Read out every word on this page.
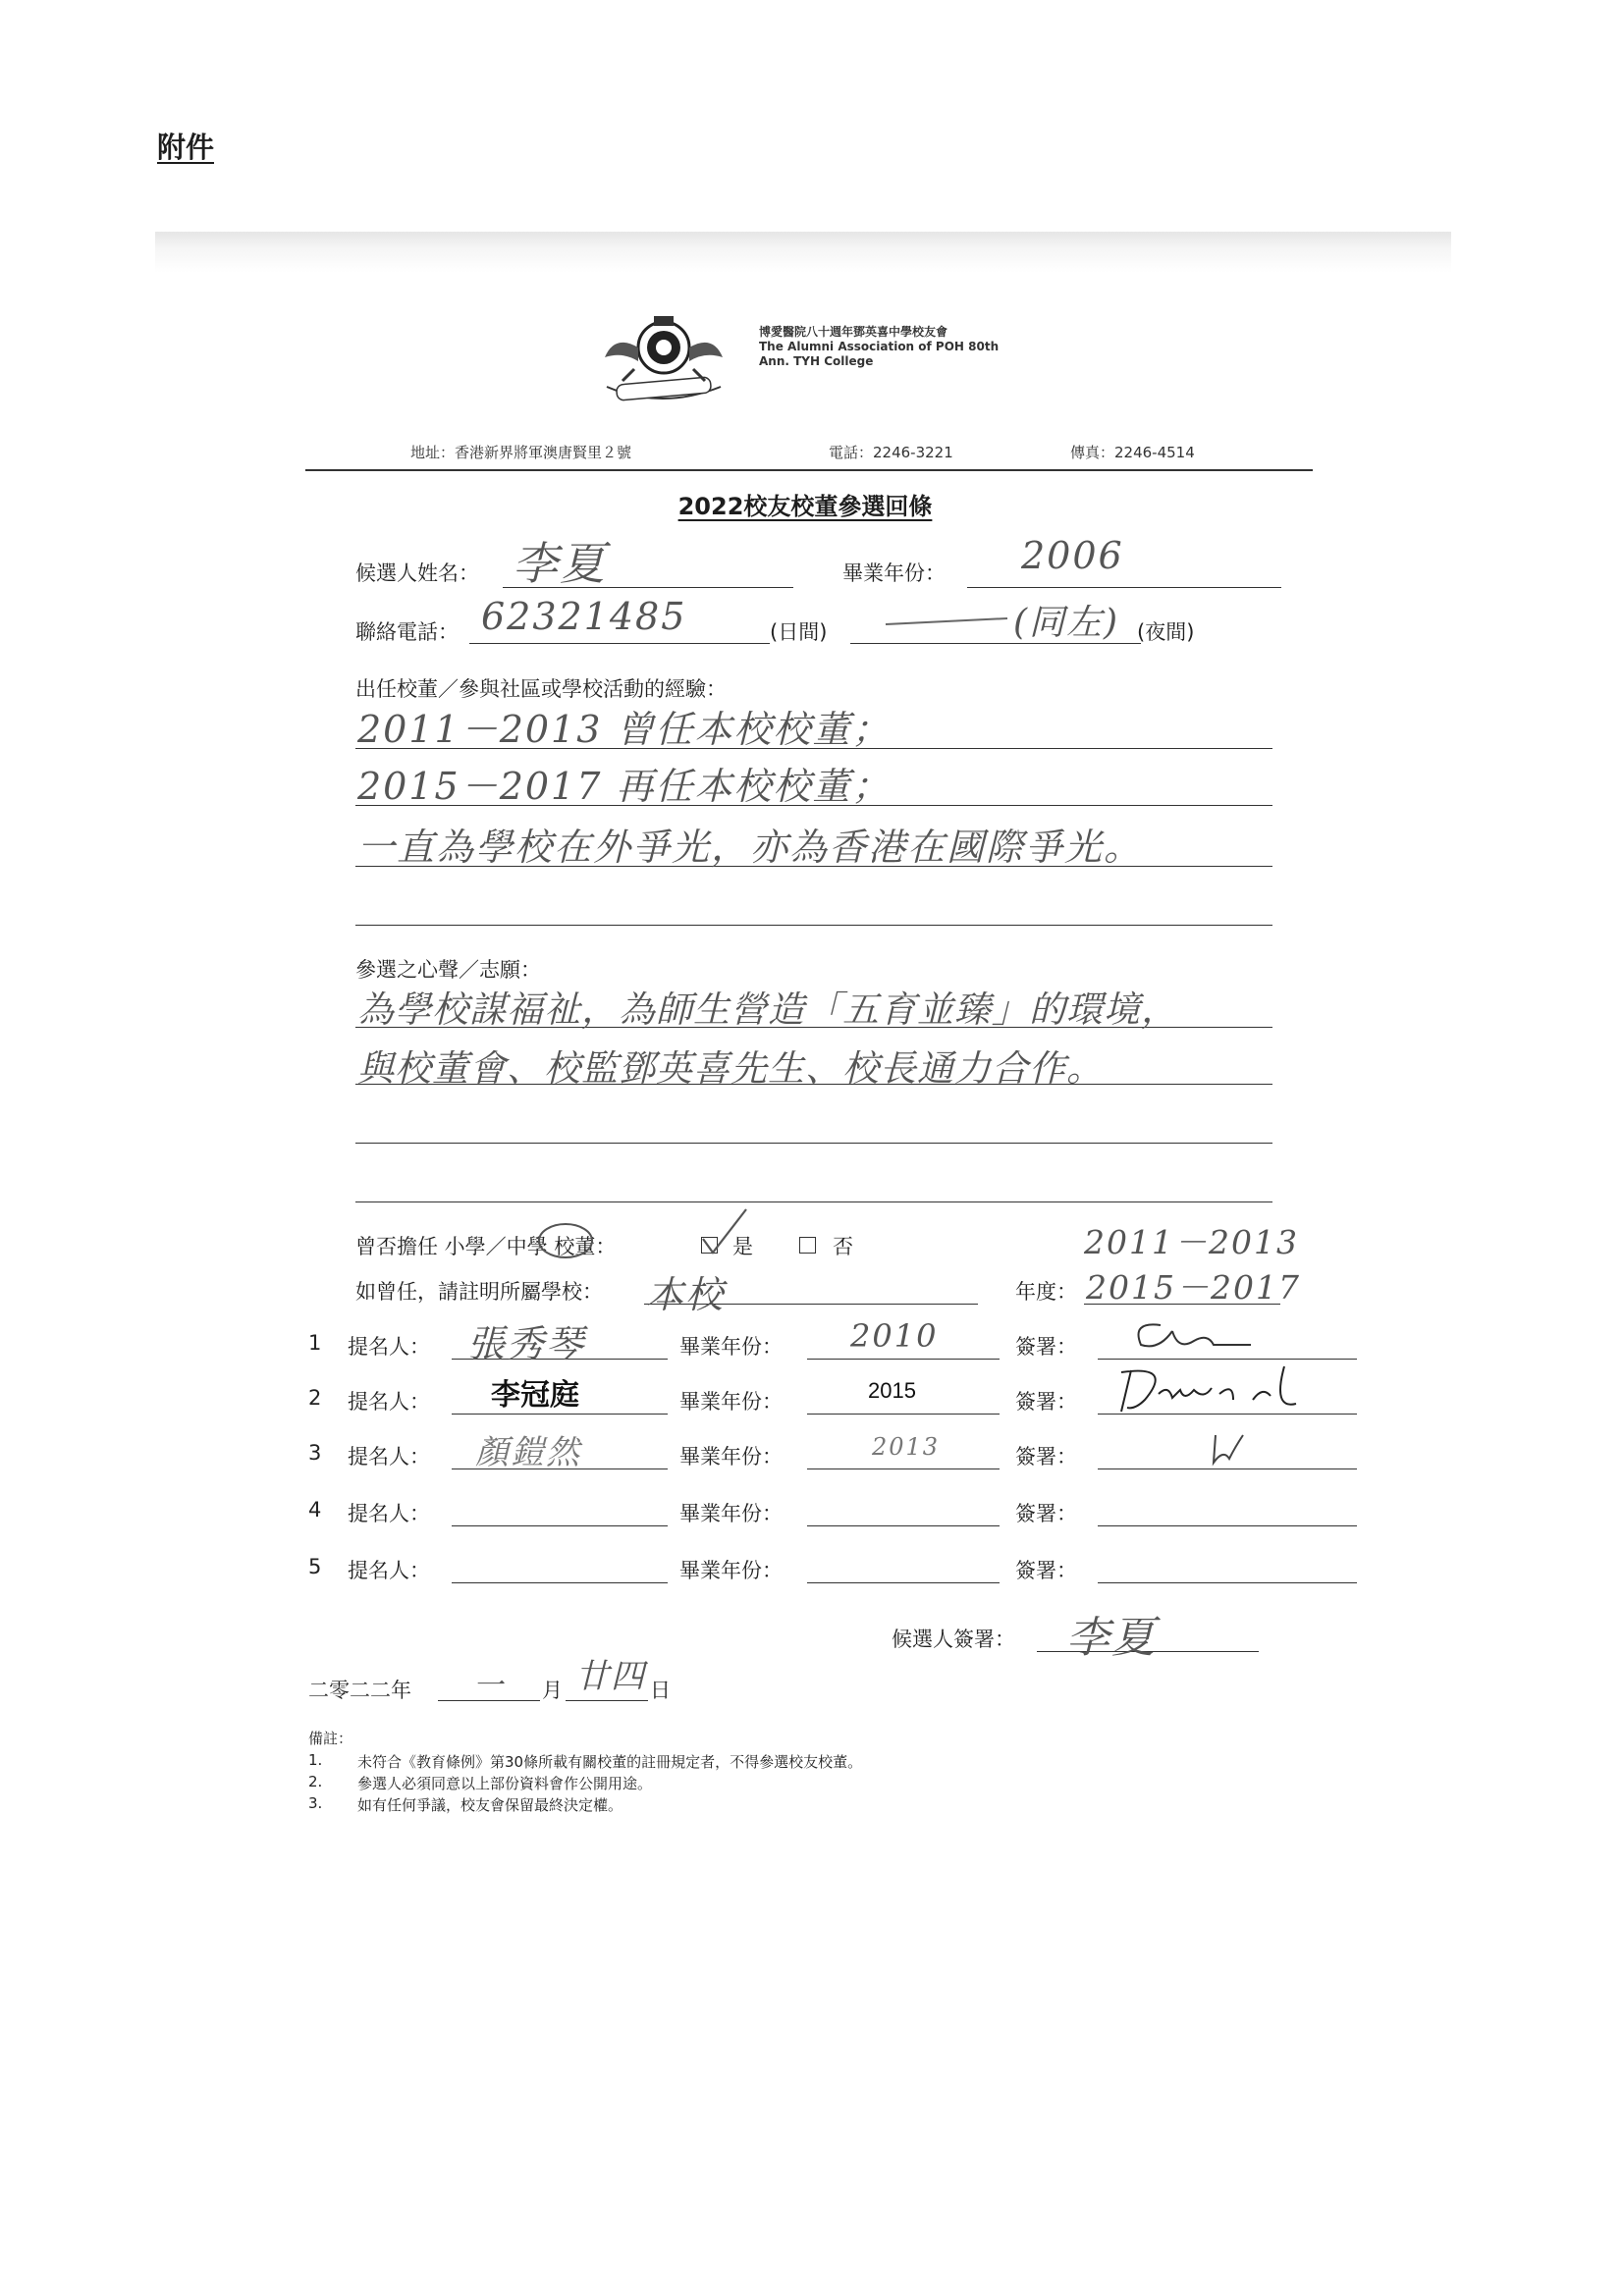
附件
博愛醫院八十週年鄧英喜中學校友會
The Alumni Association of POH 80th
Ann. TYH College
地址：香港新界將軍澳唐賢里２號	電話：2246-3221	傳真：2246-4514
2022校友校董參選回條
候選人姓名： 李夏	畢業年份： 2006
聯絡電話： 62321485	(日間)	(同左) (夜間)
出任校董／參與社區或學校活動的經驗：
2011－2013 曾任本校校董；
2015－2017 再任本校校董；
一直為學校在外爭光，亦為香港在國際爭光。
參選之心聲／志願：
為學校謀福祉，為師生營造「五育並臻」的環境，
與校董會、校監鄧英喜先生、校長通力合作。
曾否擔任 小學／中學 校董：	是	否	2011－2013
如曾任，請註明所屬學校： 本校	年度： 2015－2017
1 提名人： 張秀琴	畢業年份： 2010	簽署：
2 提名人： 李冠庭	畢業年份：	2015	簽署：
3 提名人： 顏鎧然	畢業年份：	2013	簽署：
4 提名人：	畢業年份：	簽署：
5 提名人：	畢業年份：	簽署：
候選人簽署： 李夏
二零二二年 一 月 廿四 日
備註：
1. 未符合《教育條例》第30條所載有關校董的註冊規定者，不得參選校友校董。
2. 參選人必須同意以上部份資料會作公開用途。
3. 如有任何爭議，校友會保留最終決定權。
